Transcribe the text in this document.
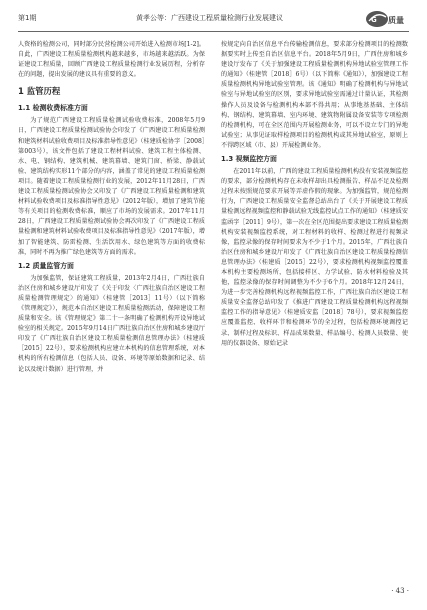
第1期	黄孝公等：广西建设工程质量检测行业发展建议	G 质量

人资格的检测公司，同时部分民营检测公司开始进入检测市场[1-2]。自此，广西建设工程质量检测机构越来越多，市场越来越活跃。为保证建设工程质量，回顾广西建设工程质量检测行业发展历程，分析存在的问题，提出发展的建议具有重要的意义。

1 监管历程
1.1 检测收费标准方面

为了规范广西建设工程质量检测试验收费标准，2008年5月9日，广西建设工程质量检测试验协会印发了《广西建设工程质量检测和建筑材料试验收费项目及标准指导性意见》（桂建质检协字［2008］第003号），该文件包括了建设工程材料试验、建筑工程主体检测、水、电、钢结构、建筑机械、建筑幕墙、建筑门窗、桥梁、静载试验、建筑结构实形11个部分的内容，涵盖了常见的建设工程质量检测项目。随着建设工程质量检测行业的发展，2012年11月28日，广西建设工程质量检测试验协会又印发了《广西建设工程质量检测和建筑材料试验收费项目及标准指导性意见》（2012年版），增加了建筑节能等有关项目的检测收费标准，顺应了市场的发展需求。2017年11月28日，广西建设工程质量检测试验协会再次印发了《广西建设工程质量检测和建筑材料试验收费项目及标准指导性意见》（2017年版），增加了智能建筑、防雷检测、生活饮用水、绿色建筑等方面的收费标准，同时不再为推广绿色建筑等方面的需求。

1.2 质量监管方面

为加强监管，保证建筑工程质量，2013年2月4日，广西壮族自治区住房和城乡建设厅印发了《关于印发〈广西壮族自治区建设工程质量检测管理规定〉的通知》（桂建管［2013］11号）（以下简称《管理规定》），规范本自治区建设工程质量检测活动，保障建设工程质量和安全。该《管理规定》第二十一条明确了检测机构开设异地试验室的相关规定。2015年9月14日广西壮族自治区住房和城乡建设厅印发了《广西壮族自治区建设工程质量检测信息管理办法》（桂建质［2015］22号），要求检测机构应建立本机构的信息管理系统，对本机构的所有检测信息（包括人员、设备、环境等原始数据和记录、结论以及统计数据）进行管理，并

按规定向自治区信息平台传输检测信息，要求部分检测项目的检测数据要实时上传至自治区信息平台。2018年5月9日，广西住房和城乡建设厅发布了《关于加强建设工程质量检测机构异地试验室管理工作的通知》（桂建管［2018］6号）（以下简称《通知》），加强建设工程质量检测机构异地试验室管理。该《通知》明确了检测机构与异地试验室与异地试验室的区别，要求异地试验室需通过计量认证，其检测操作人员及设备与检测机构本部不得共用；从事地基基础、主体结构、钢结构、建筑幕墙、室内环境、建筑物附属设备安装等专项检测的检测机构，可在全区范围内开展检测业务，可以不设立专门的异地试验室；从事见证取样检测项目的检测机构或其异地试验室，原则上不得跨区域（市、县）开展检测业务。

1.3 视频监控方面

在2011年以前，广西的建设工程质量检测机构没有安装视频监控的要求，部分检测机构存在未收样却出具检测报告、样品不足及检测过程未按照规范要求开展等弄虚作假的现象。为加强监管，规范检测行为，广西建设工程质量安全监督总站出台了《关于开展建设工程质量检测远程视频监控和静载试验无线监控试点工作的通知》（桂建质安监函字［2011］9号），第一次在全区范围提出要求建设工程质量检测机构安装视频监控系统，对工程材料的收样、检测过程进行视频录像，监控录像的保存时间要求为不少于1个月。2015年，广西壮族自治区住房和城乡建设厅印发了《广西壮族自治区建设工程质量检测信息管理办法》（桂建质［2015］22号），要求检测机构视频监控覆盖本机构主要检测场所，包括接样区、力学试验、防水材料检验及其他，监控录像的保存时间调整为不少于6个月。2018年12月24日，为进一步完善检测机构远程视频监控工作，广西壮族自治区建设工程质量安全监督总站印发了《推进广西建设工程质量检测机构远程视频监控工作的指导意见》（桂建质安监［2018］78号），要求视频监控应覆盖监控、收样环节和检测环节的全过程，包括检测环境调控记录、制样过程及标识、样品成果数量、样品编号、检测人员数量、使用的仪器设备、原始记录

· 43 ·
